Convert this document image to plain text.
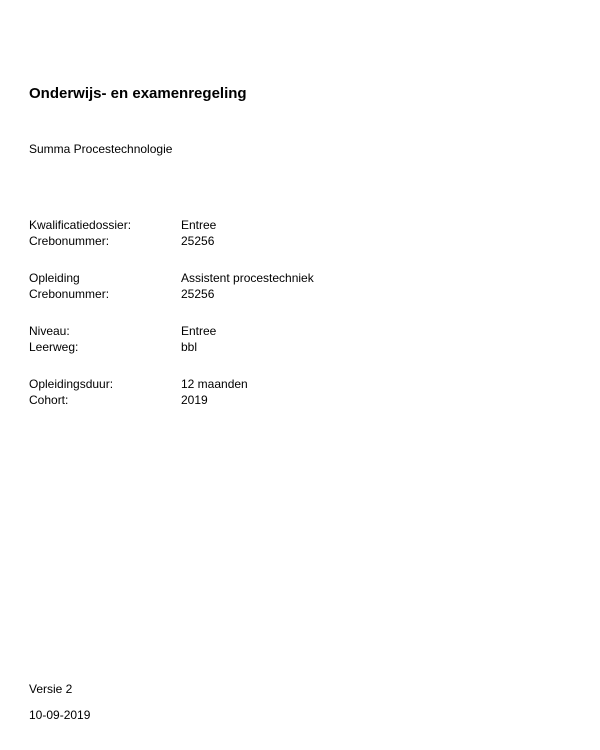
Onderwijs- en examenregeling
Summa Procestechnologie
Kwalificatiedossier:	Entree
Crebonummer:	25256
Opleiding	Assistent procestechniek
Crebonummer:	25256
Niveau:	Entree
Leerweg:	bbl
Opleidingsduur:	12 maanden
Cohort:	2019
Versie 2
10-09-2019
